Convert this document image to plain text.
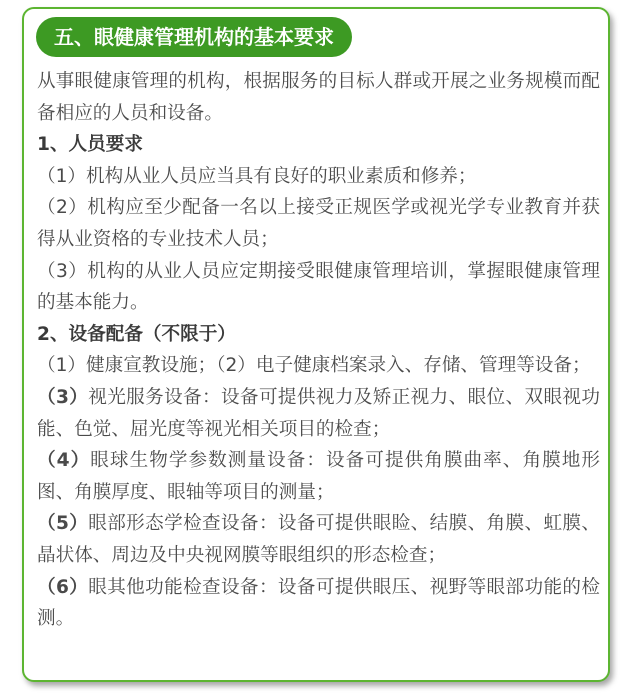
五、眼健康管理机构的基本要求

从事眼健康管理的机构，根据服务的目标人群或开展之业务规模而配备相应的人员和设备。

1、人员要求

（1）机构从业人员应当具有良好的职业素质和修养；

（2）机构应至少配备一名以上接受正规医学或视光学专业教育并获得从业资格的专业技术人员；

（3）机构的从业人员应定期接受眼健康管理培训，掌握眼健康管理的基本能力。

2、设备配备（不限于）

（1）健康宣教设施；（2）电子健康档案录入、存储、管理等设备；

（3）视光服务设备：设备可提供视力及矫正视力、眼位、双眼视功能、色觉、屈光度等视光相关项目的检查；

（4）眼球生物学参数测量设备：设备可提供角膜曲率、角膜地形图、角膜厚度、眼轴等项目的测量；

（5）眼部形态学检查设备：设备可提供眼睑、结膜、角膜、虹膜、晶状体、周边及中央视网膜等眼组织的形态检查；

（6）眼其他功能检查设备：设备可提供眼压、视野等眼部功能的检测。
